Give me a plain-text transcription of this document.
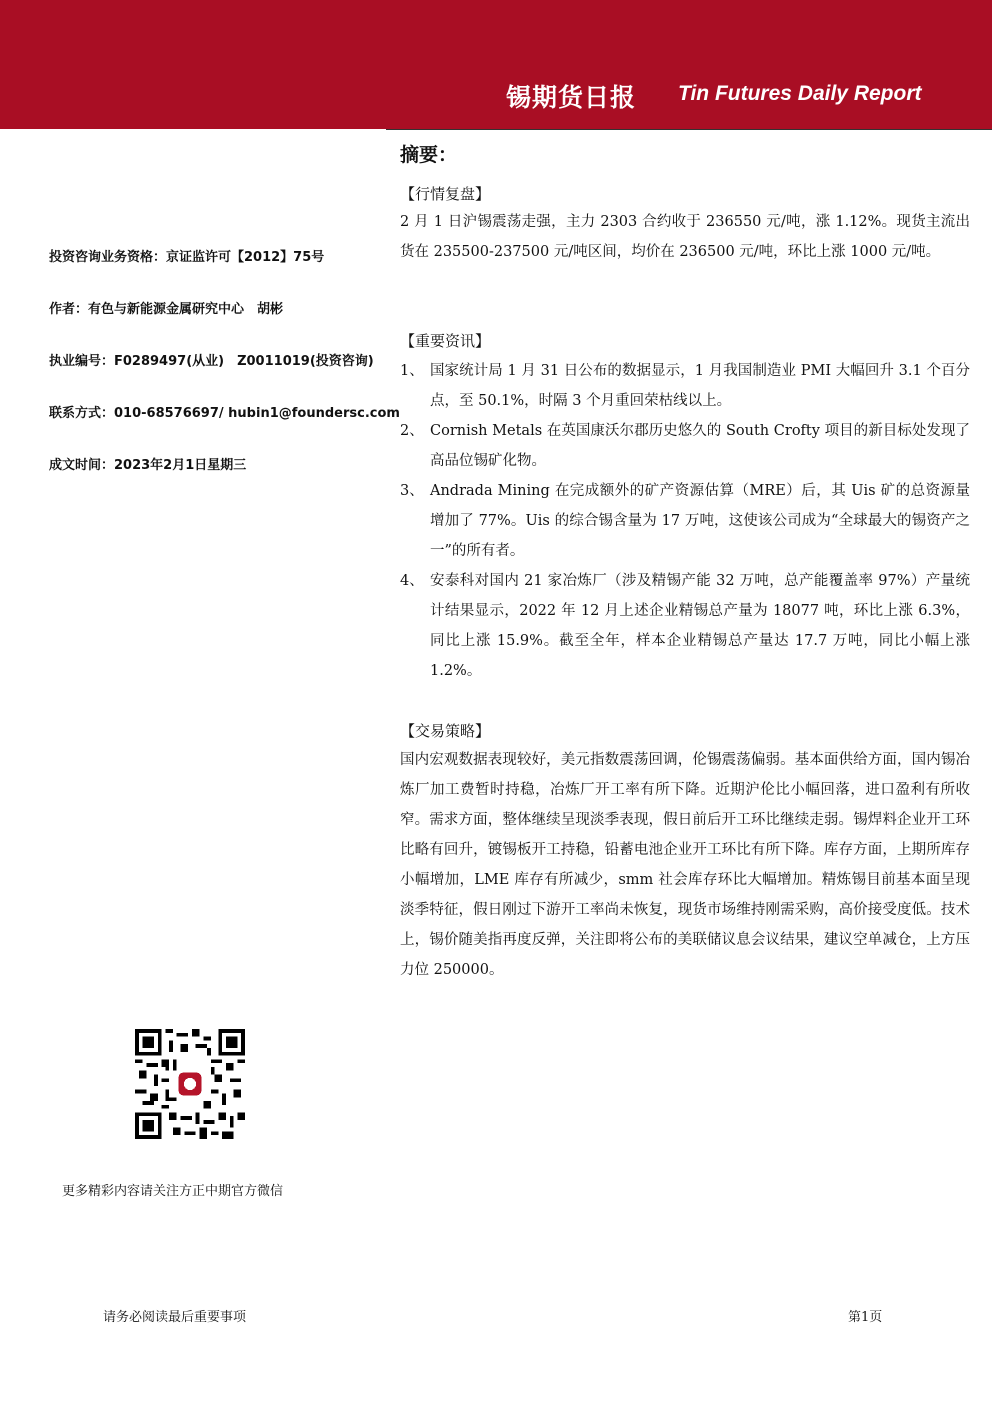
锡期货日报 Tin Futures Daily Report
投资咨询业务资格：京证监许可【2012】75号
作者：有色与新能源金属研究中心　胡彬
执业编号：F0289497(从业)　Z0011019(投资咨询)
联系方式：010-68576697/ hubin1@foundersc.com
成文时间：2023年2月1日星期三
更多精彩内容请关注方正中期官方微信
摘要：
【行情复盘】

2 月 1 日沪锡震荡走强，主力 2303 合约收于 236550 元/吨，涨 1.12%。现货主流出货在 235500-237500 元/吨区间，均价在 236500 元/吨，环比上涨 1000 元/吨。

【重要资讯】
1、 国家统计局 1 月 31 日公布的数据显示，1 月我国制造业 PMI 大幅回升 3.1 个百分点，至 50.1%，时隔 3 个月重回荣枯线以上。
2、 Cornish Metals 在英国康沃尔郡历史悠久的 South Crofty 项目的新目标处发现了高品位锡矿化物。
3、 Andrada Mining 在完成额外的矿产资源估算（MRE）后，其 Uis 矿的总资源量增加了 77%。Uis 的综合锡含量为 17 万吨，这使该公司成为“全球最大的锡资产之一”的所有者。
4、 安泰科对国内 21 家冶炼厂（涉及精锡产能 32 万吨，总产能覆盖率 97%）产量统计结果显示，2022 年 12 月上述企业精锡总产量为 18077 吨，环比上涨 6.3%，同比上涨 15.9%。截至全年，样本企业精锡总产量达 17.7 万吨，同比小幅上涨 1.2%。
【交易策略】

国内宏观数据表现较好，美元指数震荡回调，伦锡震荡偏弱。基本面供给方面，国内锡冶炼厂加工费暂时持稳，冶炼厂开工率有所下降。近期沪伦比小幅回落，进口盈利有所收窄。需求方面，整体继续呈现淡季表现，假日前后开工环比继续走弱。锡焊料企业开工环比略有回升，镀锡板开工持稳，铅蓄电池企业开工环比有所下降。库存方面，上期所库存小幅增加，LME 库存有所减少，smm 社会库存环比大幅增加。精炼锡目前基本面呈现淡季特征，假日刚过下游开工率尚未恢复，现货市场维持刚需采购，高价接受度低。技术上，锡价随美指再度反弹，关注即将公布的美联储议息会议结果，建议空单减仓，上方压力位 250000。

请务必阅读最后重要事项	第1页
